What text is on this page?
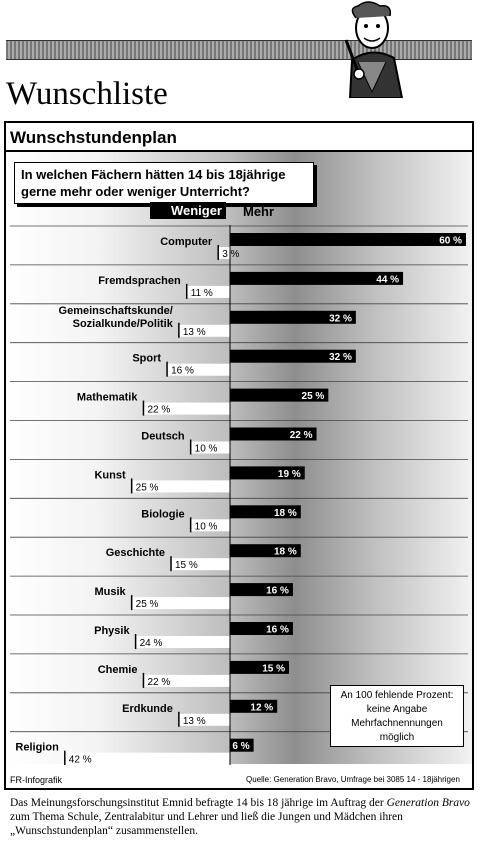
Wunschliste
Wunschstundenplan
In welchen Fächern hätten 14 bis 18jährige
gerne mehr oder weniger Unterricht?
Weniger	Mehr
60 %
3 %
Computer
44 %
11 %
Fremdsprachen
32 %
13 %
Gemeinschaftskunde/
Sozialkunde/Politik
32 %
16 %
Sport
25 %
22 %
Mathematik
22 %
10 %
Deutsch
19 %
25 %
Kunst
18 %
10 %
Biologie
18 %
15 %
Geschichte
16 %
25 %
Musik
16 %
24 %
Physik
15 %
22 %
Chemie
12 %
13 %
Erdkunde
6 %
42 %
Religion
An 100 fehlende Prozent:
keine Angabe
Mehrfachnennungen
möglich
FR-Infografik	Quelle: Generation Bravo, Umfrage bei 3085 14 - 18jährigen
Das Meinungsforschungsinstitut Emnid befragte 14 bis 18 jährige im Auftrag der Generation Bravo zum Thema Schule, Zentralabitur und Lehrer und ließ die Jungen und Mädchen ihren „Wunschstundenplan“ zusammenstellen.
